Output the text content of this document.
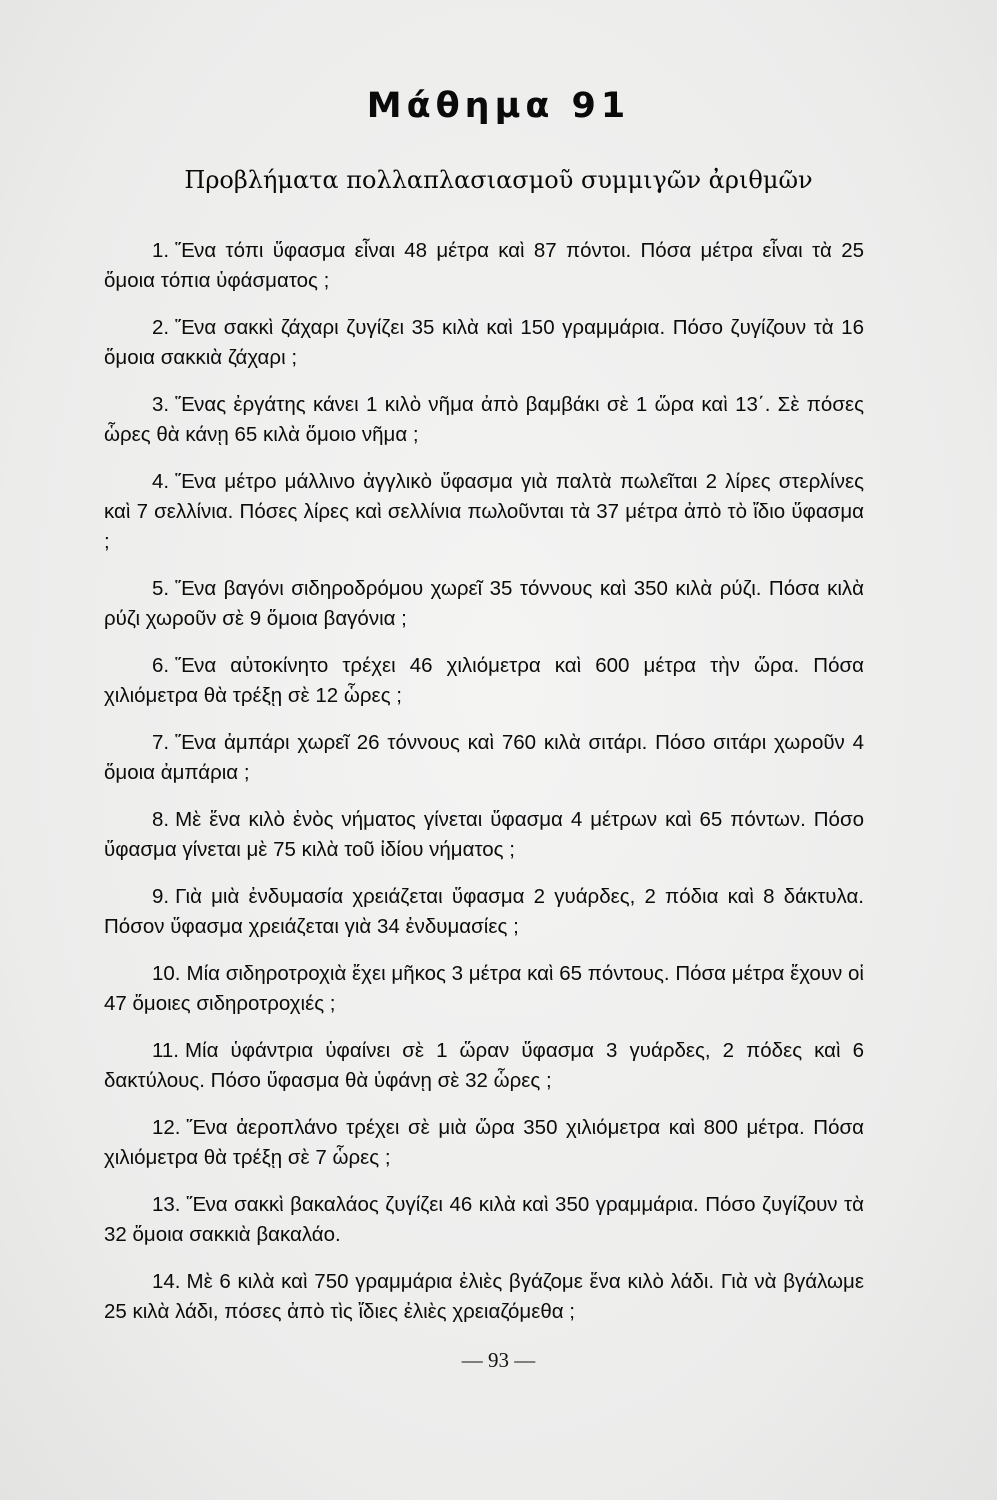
Μάθημα 91
Προβλήματα πολλαπλασιασμοῦ συμμιγῶν ἀριθμῶν

1. Ἕνα τόπι ὕφασμα εἶναι 48 μέτρα καὶ 87 πόντοι. Πόσα μέτρα εἶναι τὰ 25 ὅμοια τόπια ὑφάσματος ;

2. Ἕνα σακκὶ ζάχαρι ζυγίζει 35 κιλὰ καὶ 150 γραμμάρια. Πόσο ζυγίζουν τὰ 16 ὅμοια σακκιὰ ζάχαρι ;

3. Ἕνας ἐργάτης κάνει 1 κιλὸ νῆμα ἀπὸ βαμβάκι σὲ 1 ὥρα καὶ 13΄. Σὲ πόσες ὧρες θὰ κάνῃ 65 κιλὰ ὅμοιο νῆμα ;

4. Ἕνα μέτρο μάλλινο ἀγγλικὸ ὕφασμα γιὰ παλτὰ πωλεῖται 2 λίρες στερλίνες καὶ 7 σελλίνια. Πόσες λίρες καὶ σελλίνια πωλοῦνται τὰ 37 μέτρα ἀπὸ τὸ ἴδιο ὕφασμα ;

5. Ἕνα βαγόνι σιδηροδρόμου χωρεῖ 35 τόννους καὶ 350 κιλὰ ρύζι. Πόσα κιλὰ ρύζι χωροῦν σὲ 9 ὅμοια βαγόνια ;

6. Ἕνα αὐτοκίνητο τρέχει 46 χιλιόμετρα καὶ 600 μέτρα τὴν ὥρα. Πόσα χιλιόμετρα θὰ τρέξῃ σὲ 12 ὧρες ;

7. Ἕνα ἀμπάρι χωρεῖ 26 τόννους καὶ 760 κιλὰ σιτάρι. Πόσο σιτάρι χωροῦν 4 ὅμοια ἀμπάρια ;

8. Μὲ ἕνα κιλὸ ἑνὸς νήματος γίνεται ὕφασμα 4 μέτρων καὶ 65 πόντων. Πόσο ὕφασμα γίνεται μὲ 75 κιλὰ τοῦ ἰδίου νήματος ;

9. Γιὰ μιὰ ἐνδυμασία χρειάζεται ὕφασμα 2 γυάρδες, 2 πόδια καὶ 8 δάκτυλα. Πόσον ὕφασμα χρειάζεται γιὰ 34 ἐνδυμασίες ;

10. Μία σιδηροτροχιὰ ἔχει μῆκος 3 μέτρα καὶ 65 πόντους. Πόσα μέτρα ἔχουν οἱ 47 ὅμοιες σιδηροτροχιές ;

11. Μία ὑφάντρια ὑφαίνει σὲ 1 ὥραν ὕφασμα 3 γυάρδες, 2 πόδες καὶ 6 δακτύλους. Πόσο ὕφασμα θὰ ὑφάνῃ σὲ 32 ὧρες ;

12. Ἕνα ἀεροπλάνο τρέχει σὲ μιὰ ὥρα 350 χιλιόμετρα καὶ 800 μέτρα. Πόσα χιλιόμετρα θὰ τρέξῃ σὲ 7 ὧρες ;

13. Ἕνα σακκὶ βακαλάος ζυγίζει 46 κιλὰ καὶ 350 γραμμάρια. Πόσο ζυγίζουν τὰ 32 ὅμοια σακκιὰ βακαλάο.

14. Μὲ 6 κιλὰ καὶ 750 γραμμάρια ἐλιὲς βγάζομε ἕνα κιλὸ λάδι. Γιὰ νὰ βγάλωμε 25 κιλὰ λάδι, πόσες ἀπὸ τὶς ἴδιες ἐλιὲς χρειαζόμεθα ;

— 93 —
